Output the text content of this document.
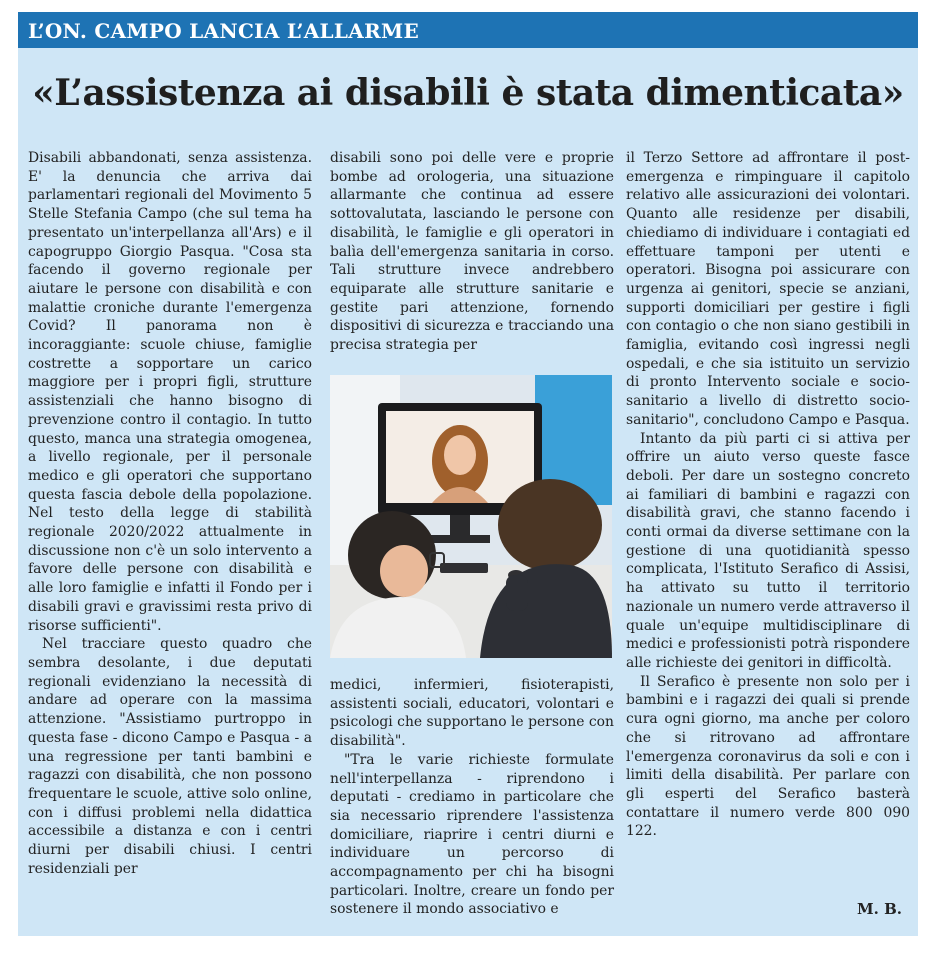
L’ON. CAMPO LANCIA L’ALLARME
«L’assistenza ai disabili è stata dimenticata»

Disabili abbandonati, senza assistenza. E' la denuncia che arriva dai parlamentari regionali del Movimento 5 Stelle Stefania Campo (che sul tema ha presentato un'interpellanza all'Ars) e il capogruppo Giorgio Pasqua. "Cosa sta facendo il governo regionale per aiutare le persone con disabilità e con malattie croniche durante l'emergenza Covid? Il panorama non è incoraggiante: scuole chiuse, famiglie costrette a sopportare un carico maggiore per i propri figli, strutture assistenziali che hanno bisogno di prevenzione contro il contagio. In tutto questo, manca una strategia omogenea, a livello regionale, per il personale medico e gli operatori che supportano questa fascia debole della popolazione. Nel testo della legge di stabilità regionale 2020/2022 attualmente in discussione non c'è un solo intervento a favore delle persone con disabilità e alle loro famiglie e infatti il Fondo per i disabili gravi e gravissimi resta privo di risorse sufficienti".

Nel tracciare questo quadro che sembra desolante, i due deputati regionali evidenziano la necessità di andare ad operare con la massima attenzione. "Assistiamo purtroppo in questa fase - dicono Campo e Pasqua - a una regressione per tanti bambini e ragazzi con disabilità, che non possono frequentare le scuole, attive solo online, con i diffusi problemi nella didattica accessibile a distanza e con i centri diurni per disabili chiusi. I centri residenziali per

disabili sono poi delle vere e proprie bombe ad orologeria, una situazione allarmante che continua ad essere sottovalutata, lasciando le persone con disabilità, le famiglie e gli operatori in balìa dell'emergenza sanitaria in corso. Tali strutture invece andrebbero equiparate alle strutture sanitarie e gestite pari attenzione, fornendo dispositivi di sicurezza e tracciando una precisa strategia per

medici, infermieri, fisioterapisti, assistenti sociali, educatori, volontari e psicologi che supportano le persone con disabilità".

"Tra le varie richieste formulate nell'interpellanza - riprendono i deputati - crediamo in particolare che sia necessario riprendere l'assistenza domiciliare, riaprire i centri diurni e individuare un percorso di accompagnamento per chi ha bisogni particolari. Inoltre, creare un fondo per sostenere il mondo associativo e

il Terzo Settore ad affrontare il post-emergenza e rimpinguare il capitolo relativo alle assicurazioni dei volontari. Quanto alle residenze per disabili, chiediamo di individuare i contagiati ed effettuare tamponi per utenti e operatori. Bisogna poi assicurare con urgenza ai genitori, specie se anziani, supporti domiciliari per gestire i figli con contagio o che non siano gestibili in famiglia, evitando così ingressi negli ospedali, e che sia istituito un servizio di pronto Intervento sociale e socio-sanitario a livello di distretto socio-sanitario", concludono Campo e Pasqua.

Intanto da più parti ci si attiva per offrire un aiuto verso queste fasce deboli. Per dare un sostegno concreto ai familiari di bambini e ragazzi con disabilità gravi, che stanno facendo i conti ormai da diverse settimane con la gestione di una quotidianità spesso complicata, l'Istituto Serafico di Assisi, ha attivato su tutto il territorio nazionale un numero verde attraverso il quale un'equipe multidisciplinare di medici e professionisti potrà rispondere alle richieste dei genitori in difficoltà.

Il Serafico è presente non solo per i bambini e i ragazzi dei quali si prende cura ogni giorno, ma anche per coloro che si ritrovano ad affrontare l'emergenza coronavirus da soli e con i limiti della disabilità. Per parlare con gli esperti del Serafico basterà contattare il numero verde 800 090 122.

M. B.
